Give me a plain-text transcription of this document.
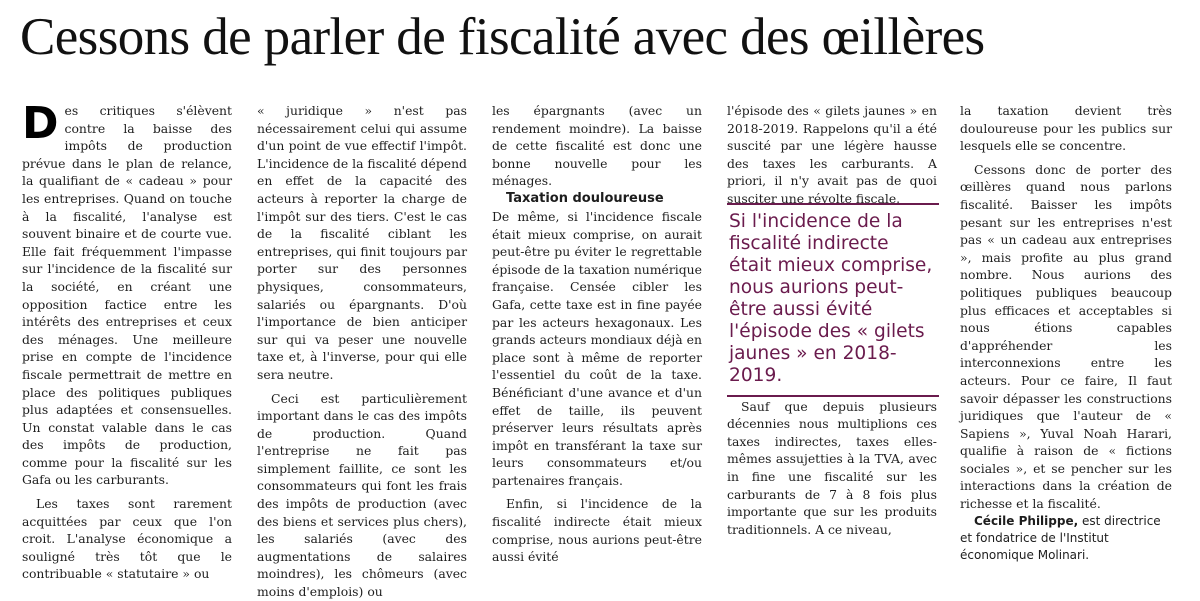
Cessons de parler de fiscalité avec des œillères

Des critiques s'élèvent contre la baisse des impôts de production prévue dans le plan de relance, la qualifiant de « cadeau » pour les entreprises. Quand on touche à la fiscalité, l'analyse est souvent binaire et de courte vue. Elle fait fréquemment l'impasse sur l'incidence de la fiscalité sur la société, en créant une opposition factice entre les intérêts des entreprises et ceux des ménages. Une meilleure prise en compte de l'incidence fiscale permettrait de mettre en place des politiques publiques plus adaptées et consensuelles. Un constat valable dans le cas des impôts de production, comme pour la fiscalité sur les Gafa ou les carburants.

Les taxes sont rarement acquittées par ceux que l'on croit. L'analyse économique a souligné très tôt que le contribuable « statutaire » ou

« juridique » n'est pas nécessairement celui qui assume d'un point de vue effectif l'impôt. L'incidence de la fiscalité dépend en effet de la capacité des acteurs à reporter la charge de l'impôt sur des tiers. C'est le cas de la fiscalité ciblant les entreprises, qui finit toujours par porter sur des personnes physiques, consommateurs, salariés ou épargnants. D'où l'importance de bien anticiper sur qui va peser une nouvelle taxe et, à l'inverse, pour qui elle sera neutre.

Ceci est particulièrement important dans le cas des impôts de production. Quand l'entreprise ne fait pas simplement faillite, ce sont les consommateurs qui font les frais des impôts de production (avec des biens et services plus chers), les salariés (avec des augmentations de salaires moindres), les chômeurs (avec moins d'emplois) ou

les épargnants (avec un rendement moindre). La baisse de cette fiscalité est donc une bonne nouvelle pour les ménages.

Taxation douloureuse

De même, si l'incidence fiscale était mieux comprise, on aurait peut-être pu éviter le regrettable épisode de la taxation numérique française. Censée cibler les Gafa, cette taxe est in fine payée par les acteurs hexagonaux. Les grands acteurs mondiaux déjà en place sont à même de reporter l'essentiel du coût de la taxe. Bénéficiant d'une avance et d'un effet de taille, ils peuvent préserver leurs résultats après impôt en transférant la taxe sur leurs consommateurs et/ou partenaires français.

Enfin, si l'incidence de la fiscalité indirecte était mieux comprise, nous aurions peut-être aussi évité

l'épisode des « gilets jaunes » en 2018-2019. Rappelons qu'il a été suscité par une légère hausse des taxes les carburants. A priori, il n'y avait pas de quoi susciter une révolte fiscale.

Sauf que depuis plusieurs décennies nous multiplions ces taxes indirectes, taxes elles-mêmes assujetties à la TVA, avec in fine une fiscalité sur les carburants de 7 à 8 fois plus importante que sur les produits traditionnels. A ce niveau,

Si l'incidence de la fiscalité indirecte était mieux comprise, nous aurions peut-être aussi évité l'épisode des « gilets jaunes » en 2018-2019.

la taxation devient très douloureuse pour les publics sur lesquels elle se concentre.

Cessons donc de porter des œillères quand nous parlons fiscalité. Baisser les impôts pesant sur les entreprises n'est pas « un cadeau aux entreprises », mais profite au plus grand nombre. Nous aurions des politiques publiques beaucoup plus efficaces et acceptables si nous étions capables d'appréhender les interconnexions entre les acteurs. Pour ce faire, Il faut savoir dépasser les constructions juridiques que l'auteur de « Sapiens », Yuval Noah Harari, qualifie à raison de « fictions sociales », et se pencher sur les interactions dans la création de richesse et la fiscalité.

Cécile Philippe, est directrice et fondatrice de l'Institut économique Molinari.
